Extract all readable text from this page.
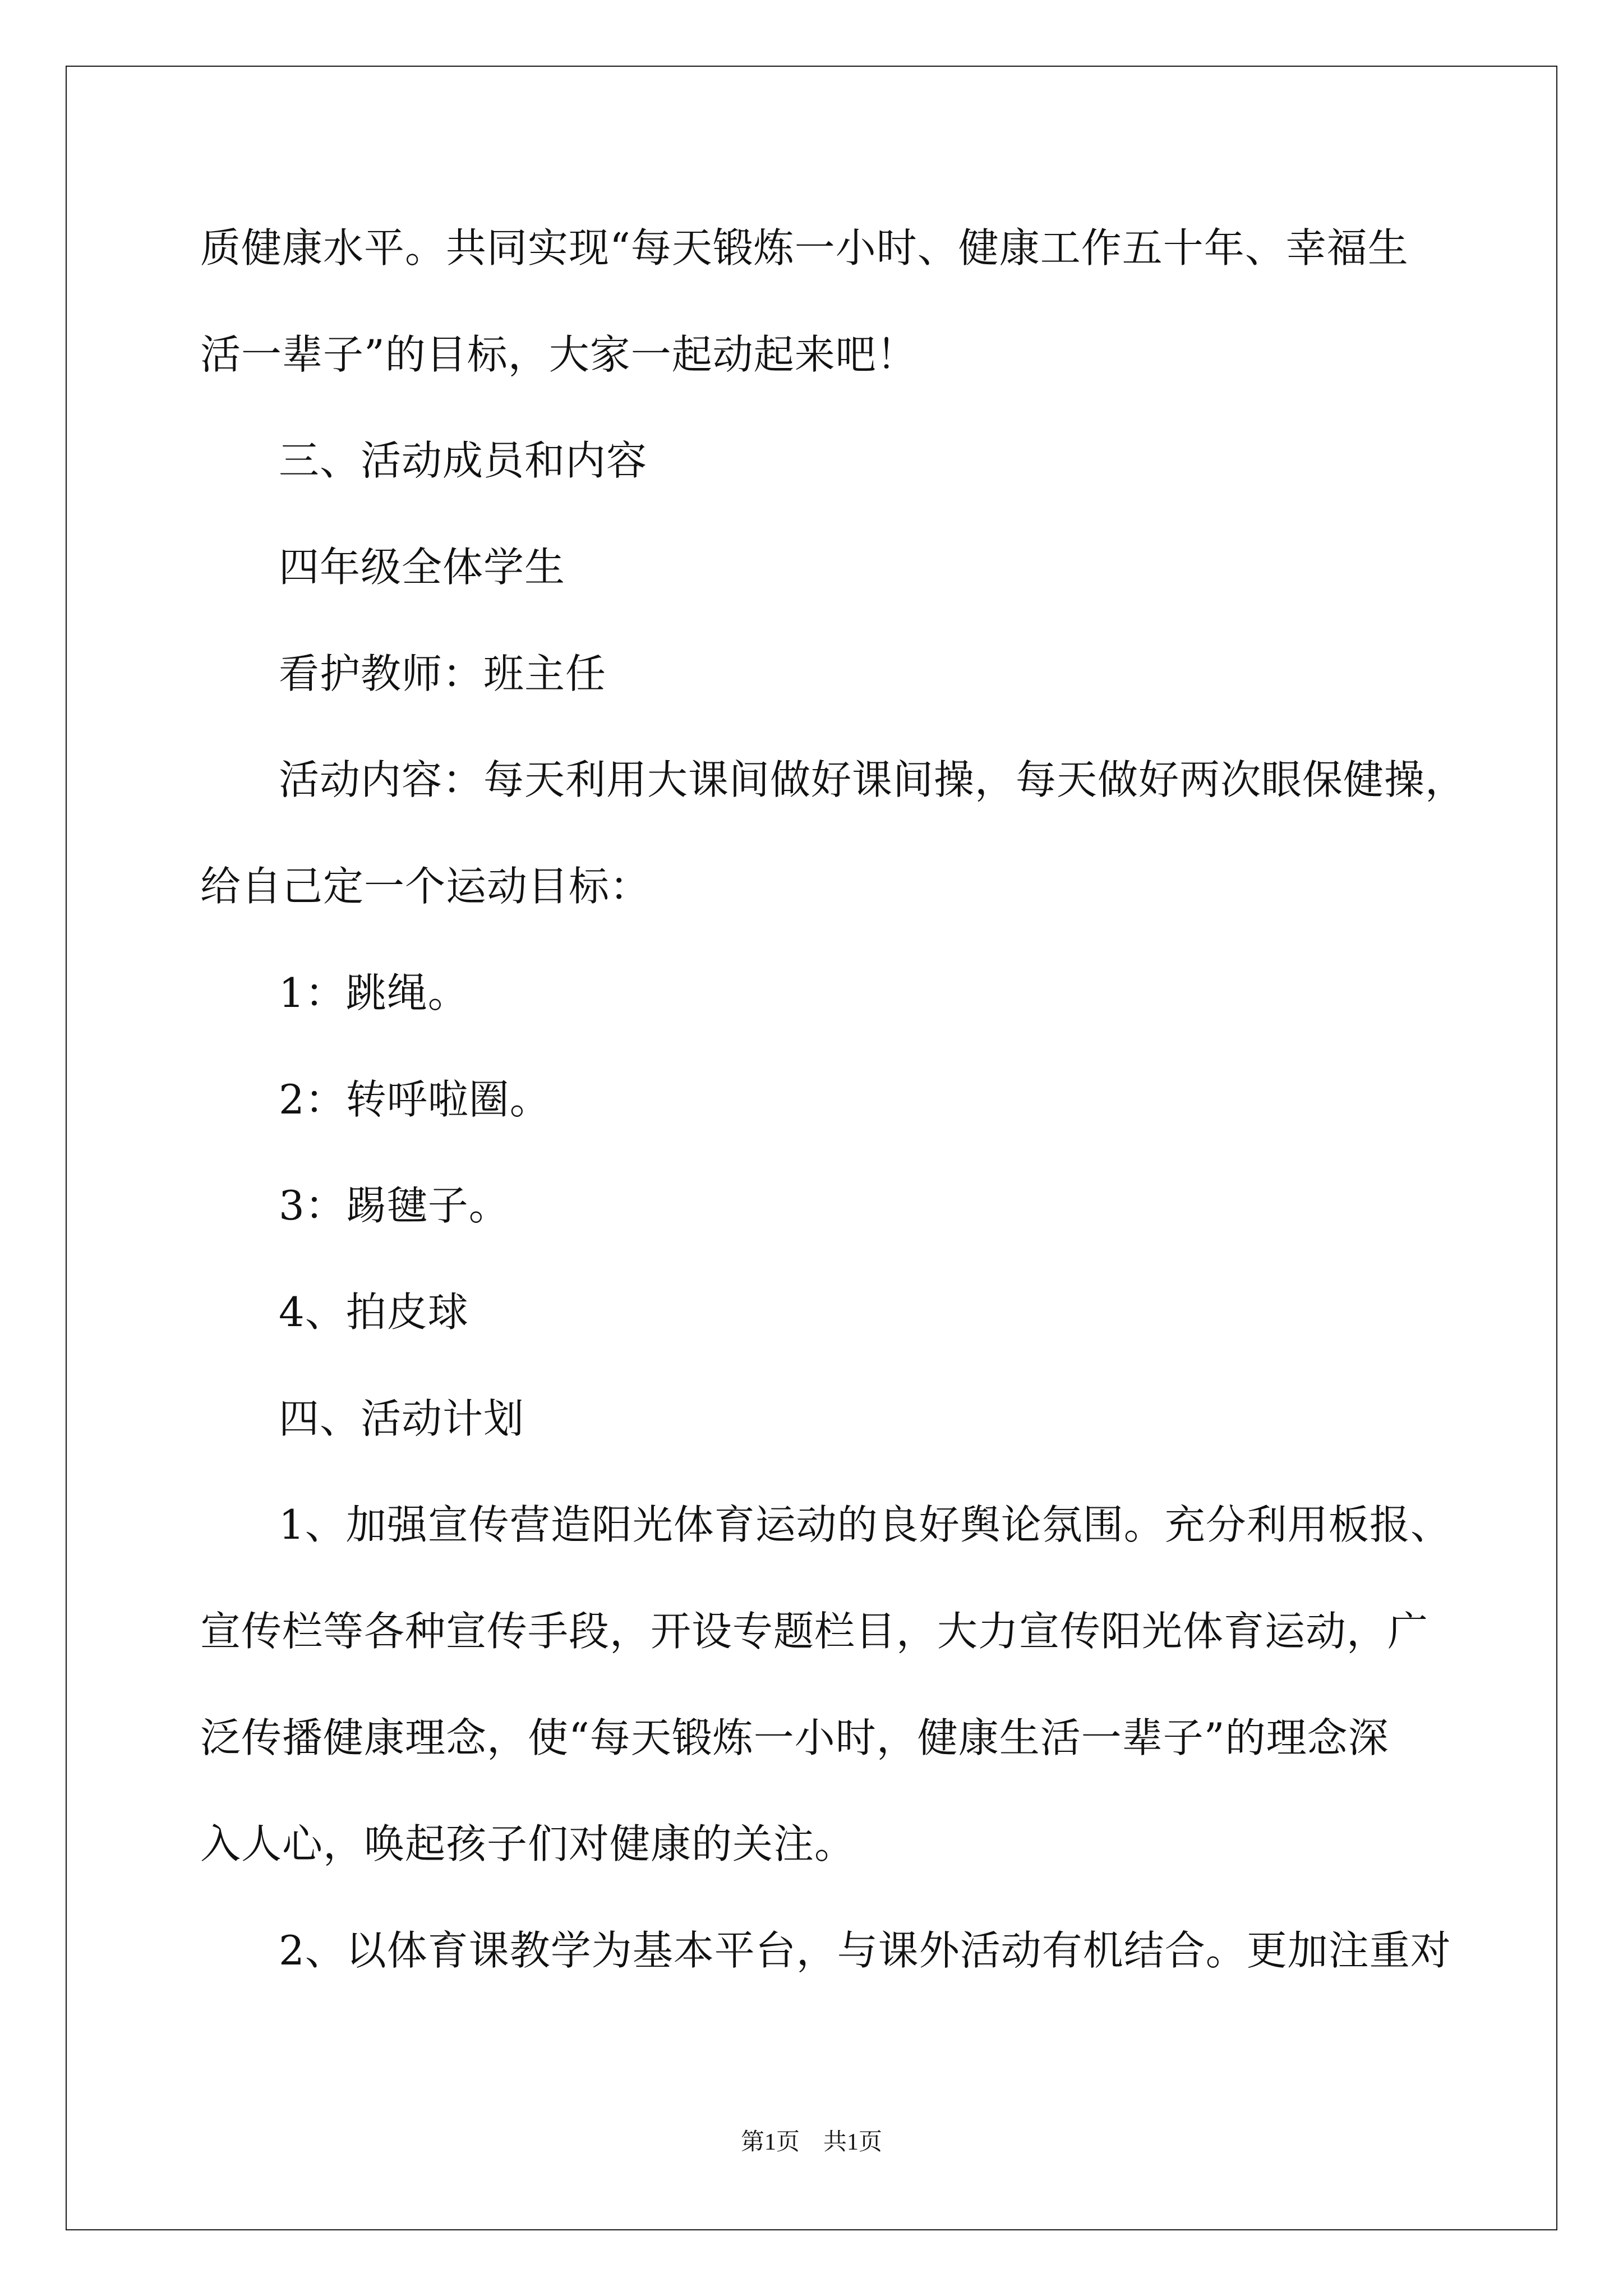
质健康水平。共同实现“每天锻炼一小时、健康工作五十年、幸福生
活一辈子”的目标，大家一起动起来吧！
三、活动成员和内容
四年级全体学生
看护教师：班主任
活动内容：每天利用大课间做好课间操，每天做好两次眼保健操，
给自己定一个运动目标：
1：跳绳。
2：转呼啦圈。
3：踢毽子。
4、拍皮球
四、活动计划
1、加强宣传营造阳光体育运动的良好舆论氛围。充分利用板报、
宣传栏等各种宣传手段，开设专题栏目，大力宣传阳光体育运动，广
泛传播健康理念，使“每天锻炼一小时，健康生活一辈子”的理念深
入人心，唤起孩子们对健康的关注。
2、以体育课教学为基本平台，与课外活动有机结合。更加注重对
第1页　共1页
